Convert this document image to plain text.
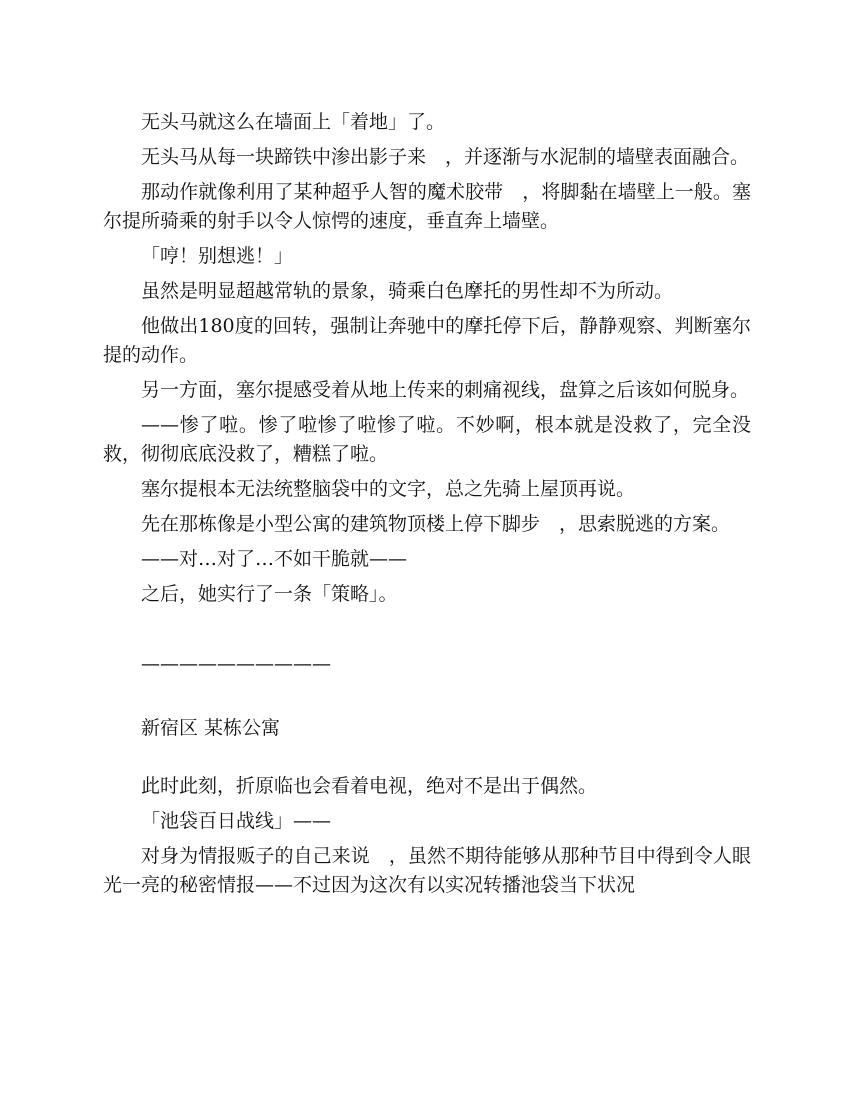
无头马就这么在墙面上「着地」了。

无头马从每一块蹄铁中渗出影子来　，并逐渐与水泥制的墙壁表面融合。

那动作就像利用了某种超乎人智的魔术胶带　，将脚黏在墙壁上一般。塞尔提所骑乘的射手以令人惊愕的速度，垂直奔上墙壁。

「哼！别想逃！」

虽然是明显超越常轨的景象，骑乘白色摩托的男性却不为所动。

他做出180度的回转，强制让奔驰中的摩托停下后，静静观察、判断塞尔提的动作。

另一方面，塞尔提感受着从地上传来的刺痛视线，盘算之后该如何脱身。

——惨了啦。惨了啦惨了啦惨了啦。不妙啊，根本就是没救了，完全没救，彻彻底底没救了，糟糕了啦。

塞尔提根本无法统整脑袋中的文字，总之先骑上屋顶再说。

先在那栋像是小型公寓的建筑物顶楼上停下脚步　，思索脱逃的方案。

——对…对了…不如干脆就——

之后，她实行了一条「策略」。

——————————

新宿区 某栋公寓

此时此刻，折原临也会看着电视，绝对不是出于偶然。

「池袋百日战线」——

对身为情报贩子的自己来说　，虽然不期待能够从那种节目中得到令人眼光一亮的秘密情报——不过因为这次有以实况转播池袋当下状况
